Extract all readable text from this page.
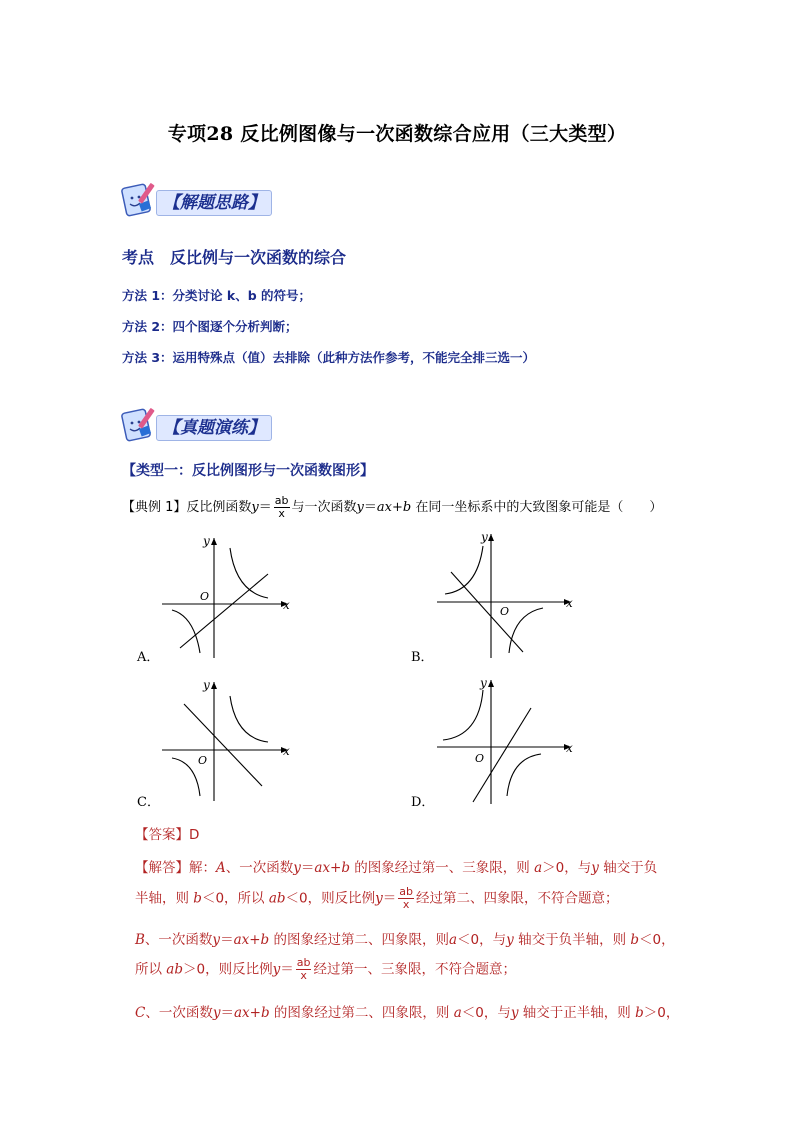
专项28 反比例图像与一次函数综合应用（三大类型）
【解题思路】
考点　反比例与一次函数的综合
方法 1：分类讨论 k、b 的符号；
方法 2：四个图逐个分析判断；
方法 3：运用特殊点（值）去排除（此种方法作参考，不能完全排三选一）
【真题演练】
【类型一：反比例图形与一次函数图形】
【典例 1】反比例函数$y= \frac{ab}{x}$ 与一次函数y＝ax+b 在同一坐标系中的大致图象可能是（　　）
x
y
O
A．
x
y
O
B．
x
y
O
C．
x
y
O
D．
【答案】D
【解答】解：A、一次函数y＝ax+b 的图象经过第一、三象限，则 a＞0，与y 轴交于负
半轴，则 b＜0，所以 ab＜0，则反比例$y= \frac{ab}{x}$ 经过第二、四象限，不符合题意；
B、一次函数y＝ax+b 的图象经过第二、四象限，则a＜0，与y 轴交于负半轴，则 b＜0，
所以 ab＞0，则反比例$y= \frac{ab}{x}$ 经过第一、三象限，不符合题意；
C、一次函数y＝ax+b 的图象经过第二、四象限，则 a＜0，与y 轴交于正半轴，则 b＞0，
